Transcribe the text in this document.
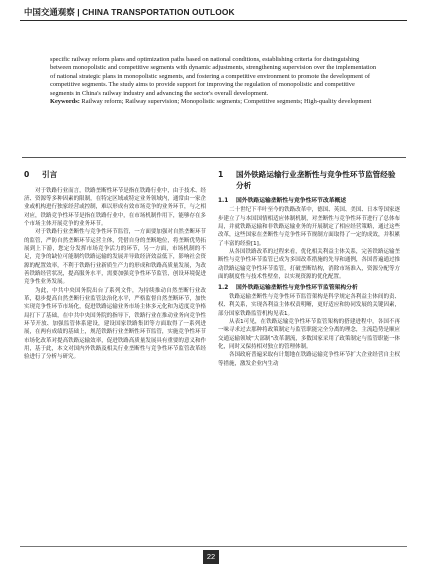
中国交通观察 | CHINA TRANSPORTATION OUTLOOK

specific railway reform plans and optimization paths based on national conditions, establishing criteria for distinguishing between monopolistic and competitive segments with dynamic adjustments, strengthening supervision over the implementation of national strategic plans in monopolistic segments, and fostering a competitive environment to promote the development of competitive segments. The study aims to provide support for improving the regulation of monopolistic and competitive segments in China's railway industry and advancing the sector's overall development.

Keywords: Railway reform; Railway supervision; Monopolistic segments; Competitive segments; High-quality development

0	引言

对于铁路行业而言，铁路垄断性环节是指在铁路行业中，由于技术、经济、资源等多种因素的限制，在特定区域或特定业务领域内，通常由一家企业或机构进行独家经营或控制，难以形成有效市场竞争的业务环节，与之相对应，铁路竞争性环节是指在铁路行业中，在市场机制作用下，能够存在多个市场主体开展竞争的业务环节。

对于铁路行业垄断性与竞争性环节监管，一方面要加强对自然垄断环节的监管，严防自然垄断环节运营主体，凭借自身的垄断地位，将垄断优势拓展到上下游，您定分发挥市场竞争活力的环节，另一方面，市场机制的不足，竞争的缺位可能制约铁路运输的发展并导致经济效益低下，影响社会资源的配置效率，不利于铁路行业新质生产力的形成和铁路高质量发展，为改善铁路经营状况，提高服务水平，需要加强竞争性环节监管，创设环境促进竞争性业务发展。

为此，中共中央国务院出台了系列文件，为持续推动自然垄断行业改革，稳步提高自然垄断行业监管法治化水平，严格监督自然垄断环节，加快实现竞争性环节市场化，促进铁路运输业务市场主体多元化和为适度竞争格局打下了基础，在中共中央国务院的指导下，铁路行业在推动业务向竞争性环节开放、加强监管体系建设，建设国家铁路集团等方面取得了一系列进展，在两有成绩的基础上，规范铁路行业垄断性环节监管，实施竞争性环节市场化改革对提高铁路运输效率，促进铁路高质量发展具有重要的意义和作用，基于此，本文对国内外铁路及相关行业垄断性与竞争性环节监管改革经验进行了分析与研究。

1	国外铁路运输行业垄断性与竞争性环节监管经验分析
1.1	国外铁路运输垄断性与竞争性环节改革概述

二十世纪下半叶至今的铁路改革中，德国、英国、美国、日本等国家逐步建立了与本国国情相适应体制机制，对垄断性与竞争性环节进行了总体布局，并就铁路运输和非铁路运输业务的开展制定了相应经营策略，通过这些改革，这些国家在垄断性与竞争性环节规制方面取得了一定的成效，并积累了丰富的经验[1]。

从各国铁路改革的过程来看，优化相关利益主体关系，完善铁路运输垄断性与竞争性环节监管已成为多国改革措施的先导和通例，各国普遍通过推动铁路运输竞争性环节监管，打破垄断结构，消除市场准入，资源分配等方面的制度性与技术性壁垒，以实现资源的优化配置。

1.2	国外铁路运输垄断性与竞争性环节监管架构分析

铁路运输垄断性与竞争性环节监管架构是科学规定各利益主体间的责、权、利关系，实现各利益主体权责明晰，更好适应和协同发展的关键因素，部分国家铁路监管机构见表1。

从表1可见，在铁路运输竞争性环节监管架构的搭建进程中，各国不再一味寻求过去那种将政策制定与监管职能完全分离的理念，主流趋势是顺应交通运输领域“大部制”改革潮流，多数国家采用了政策制定与监管职能一体化，同时又保持相对独立的管理体制。

各国政府普遍采取有计划地在铁路运输竞争性环节扩大企业经营自主权等措施，激发企业内生动

22
